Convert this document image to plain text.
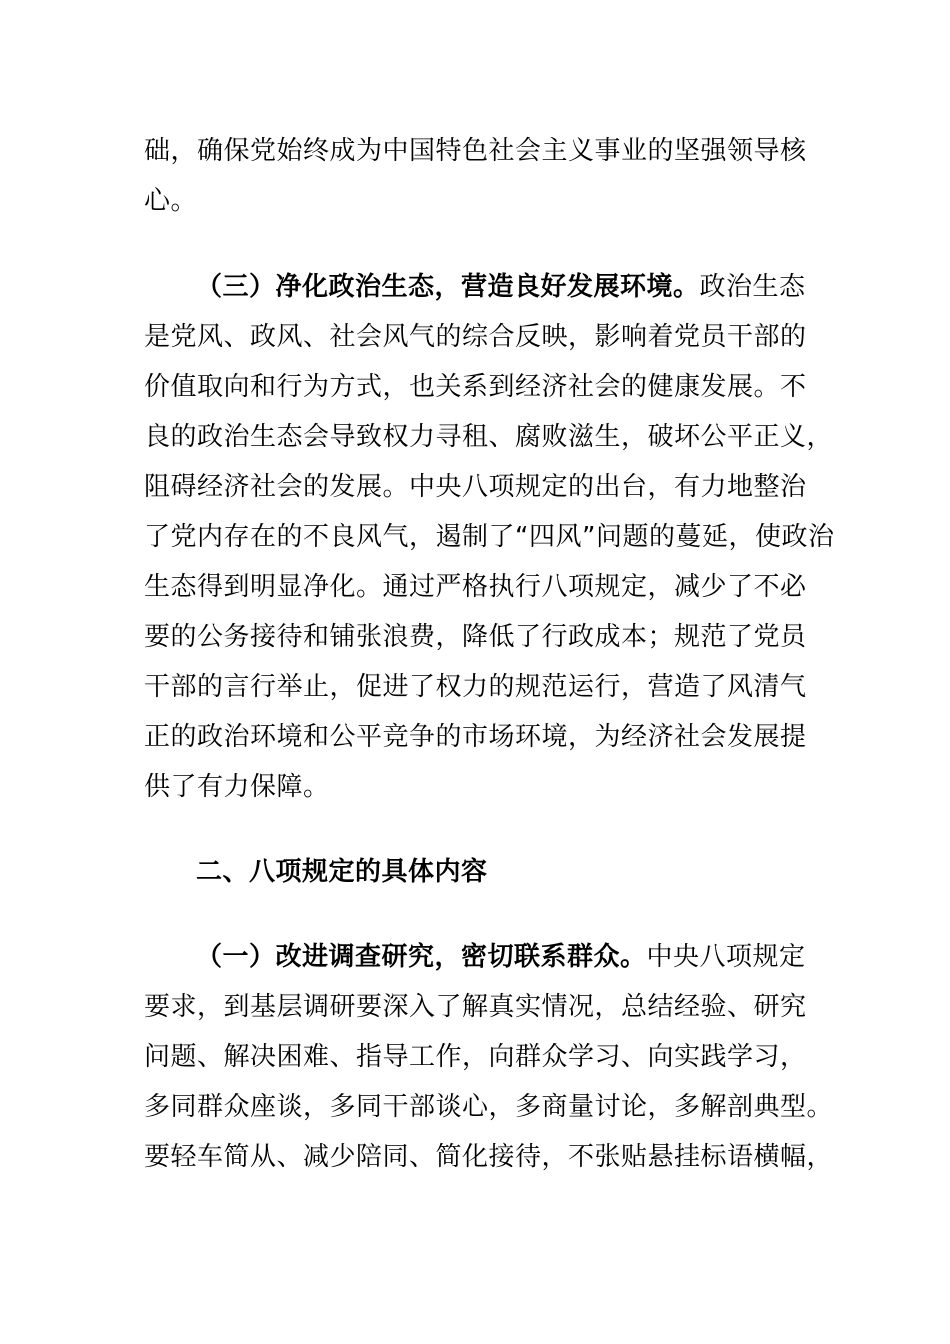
础，确保党始终成为中国特色社会主义事业的坚强领导核
心。
（三）净化政治生态，营造良好发展环境。政治生态
是党风、政风、社会风气的综合反映，影响着党员干部的
价值取向和行为方式，也关系到经济社会的健康发展。不
良的政治生态会导致权力寻租、腐败滋生，破坏公平正义，
阻碍经济社会的发展。中央八项规定的出台，有力地整治
了党内存在的不良风气，遏制了“四风”问题的蔓延，使政治
生态得到明显净化。通过严格执行八项规定，减少了不必
要的公务接待和铺张浪费，降低了行政成本；规范了党员
干部的言行举止，促进了权力的规范运行，营造了风清气
正的政治环境和公平竞争的市场环境，为经济社会发展提
供了有力保障。
二、八项规定的具体内容
（一）改进调查研究，密切联系群众。中央八项规定
要求，到基层调研要深入了解真实情况，总结经验、研究
问题、解决困难、指导工作，向群众学习、向实践学习，
多同群众座谈，多同干部谈心，多商量讨论，多解剖典型。
要轻车简从、减少陪同、简化接待，不张贴悬挂标语横幅，
